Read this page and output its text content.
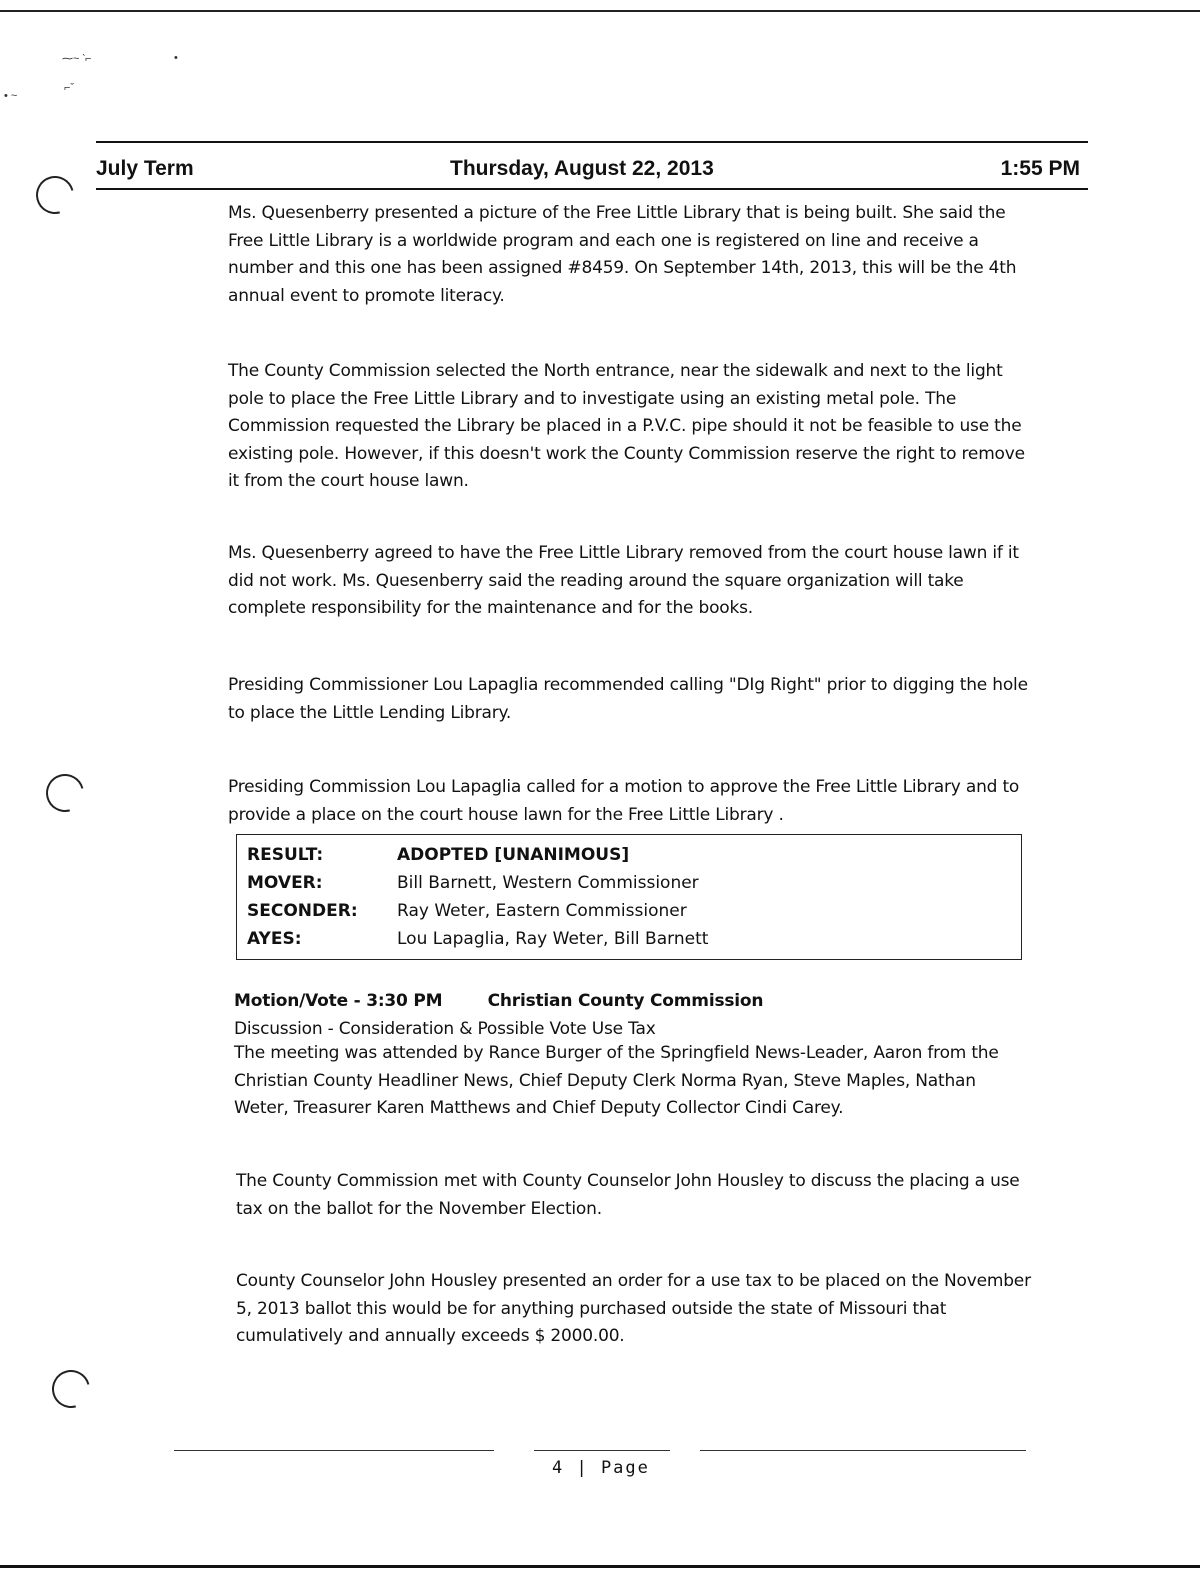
⁓~ ‵⌐	•
• ~
⌐ˇ
July Term	Thursday, August 22, 2013	1:55 PM
Ms. Quesenberry presented a picture of the Free Little Library that is being built. She said the Free Little Library is a worldwide program and each one is registered on line and receive a number and this one has been assigned #8459. On September 14th, 2013, this will be the 4th annual event to promote literacy.
The County Commission selected the North entrance, near the sidewalk and next to the light pole to place the Free Little Library and to investigate using an existing metal pole. The Commission requested the Library be placed in a P.V.C. pipe should it not be feasible to use the existing pole. However, if this doesn't work the County Commission reserve the right to remove it from the court house lawn.
Ms. Quesenberry agreed to have the Free Little Library removed from the court house lawn if it did not work. Ms. Quesenberry said the reading around the square organization will take complete responsibility for the maintenance and for the books.
Presiding Commissioner Lou Lapaglia recommended calling "DIg Right" prior to digging the hole to place the Little Lending Library.
Presiding Commission Lou Lapaglia called for a motion to approve the Free Little Library and to provide a place on the court house lawn for the Free Little Library .
RESULT:	ADOPTED [UNANIMOUS]
MOVER:	Bill Barnett, Western Commissioner
SECONDER:	Ray Weter, Eastern Commissioner
AYES:	Lou Lapaglia, Ray Weter, Bill Barnett
Motion/Vote - 3:30 PM	Christian County Commission
Discussion - Consideration & Possible Vote Use Tax
The meeting was attended by Rance Burger of the Springfield News-Leader, Aaron from the Christian County Headliner News, Chief Deputy Clerk Norma Ryan, Steve Maples, Nathan Weter, Treasurer Karen Matthews and Chief Deputy Collector Cindi Carey.
The County Commission met with County Counselor John Housley to discuss the placing a use tax on the ballot for the November Election.
County Counselor John Housley presented an order for a use tax to be placed on the November 5, 2013 ballot this would be for anything purchased outside the state of Missouri that cumulatively and annually exceeds $ 2000.00.
4 | Page
